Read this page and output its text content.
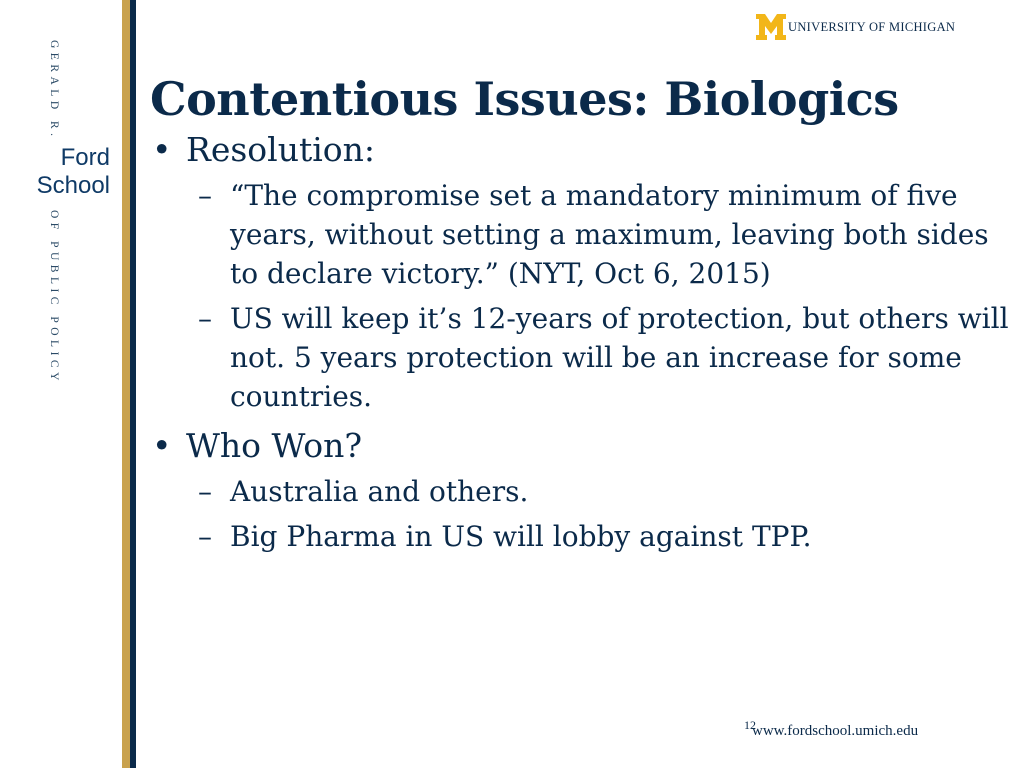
GERALD R.
Ford
School
OF PUBLIC POLICY
UNIVERSITY OF MICHIGAN
Contentious Issues: Biologics
• Resolution:
– “The compromise set a mandatory minimum of five years, without setting a maximum, leaving both sides to declare victory.” (NYT, Oct 6, 2015)
– US will keep it’s 12-years of protection, but others will not. 5 years protection will be an increase for some countries.
• Who Won?
– Australia and others.
– Big Pharma in US will lobby against TPP.
12
www.fordschool.umich.edu
